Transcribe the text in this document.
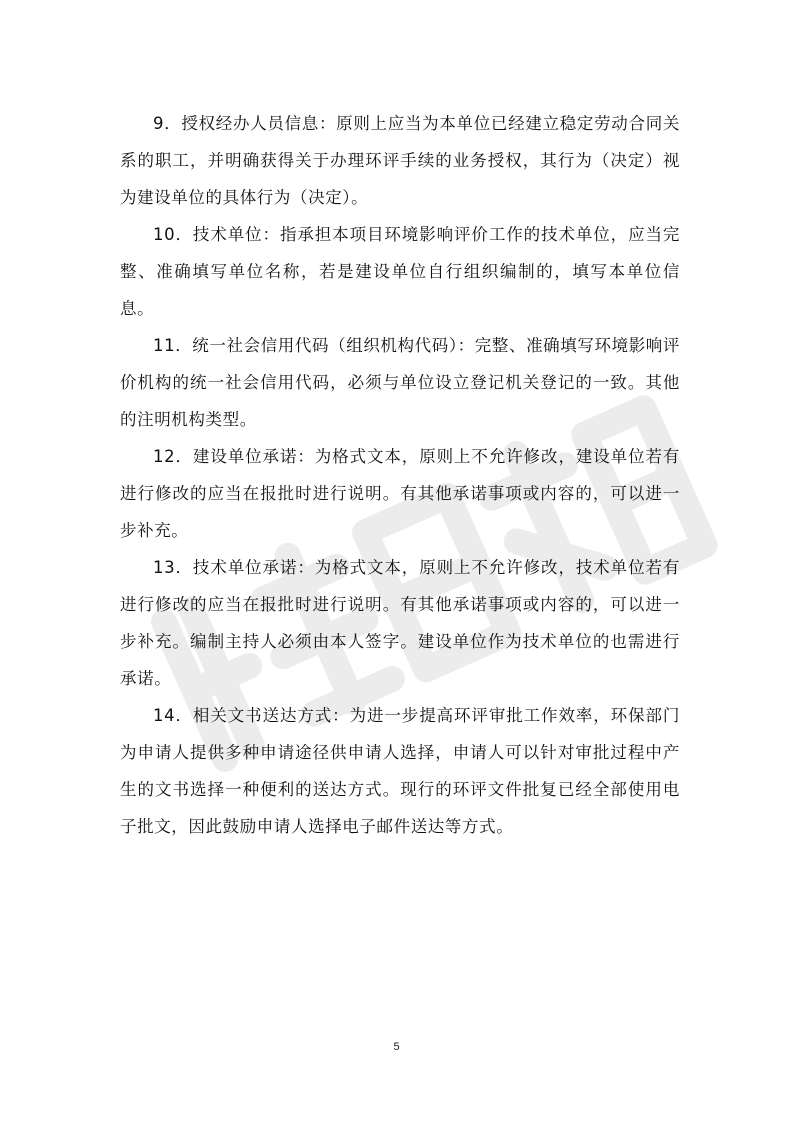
9．授权经办人员信息：原则上应当为本单位已经建立稳定劳动合同关系的职工，并明确获得关于办理环评手续的业务授权，其行为（决定）视为建设单位的具体行为（决定）。

10．技术单位：指承担本项目环境影响评价工作的技术单位，应当完整、准确填写单位名称，若是建设单位自行组织编制的，填写本单位信息。

11．统一社会信用代码（组织机构代码）：完整、准确填写环境影响评价机构的统一社会信用代码，必须与单位设立登记机关登记的一致。其他的注明机构类型。

12．建设单位承诺：为格式文本，原则上不允许修改，建设单位若有进行修改的应当在报批时进行说明。有其他承诺事项或内容的，可以进一步补充。

13．技术单位承诺：为格式文本，原则上不允许修改，技术单位若有进行修改的应当在报批时进行说明。有其他承诺事项或内容的，可以进一步补充。编制主持人必须由本人签字。建设单位作为技术单位的也需进行承诺。

14．相关文书送达方式：为进一步提高环评审批工作效率，环保部门为申请人提供多种申请途径供申请人选择，申请人可以针对审批过程中产生的文书选择一种便利的送达方式。现行的环评文件批复已经全部使用电子批文，因此鼓励申请人选择电子邮件送达等方式。

5
